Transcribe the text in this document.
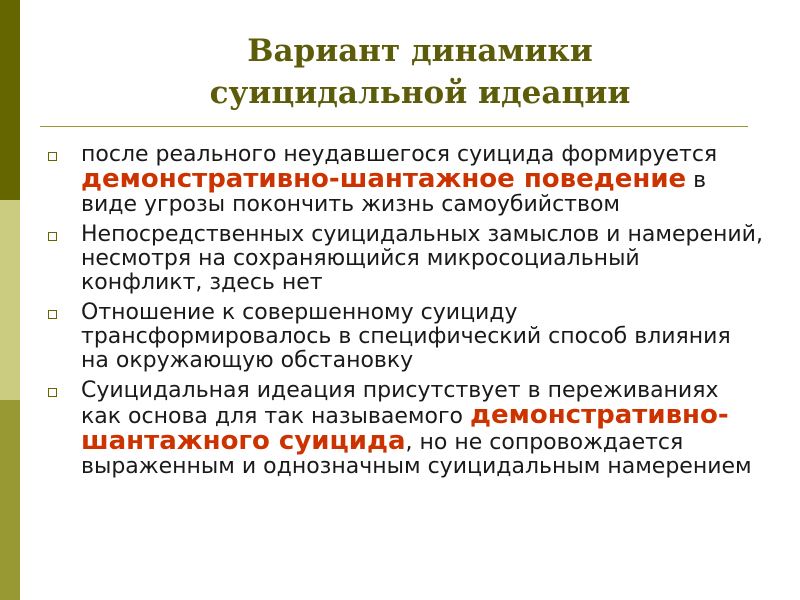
Вариант динамики
суицидальной идеации
после реального неудавшегося суицида формируется демонстративно-шантажное поведение в виде угрозы покончить жизнь самоубийством
Непосредственных суицидальных замыслов и намерений, несмотря на сохраняющийся микросоциальный конфликт, здесь нет
Отношение к совершенному суициду трансформировалось в специфический способ влияния на окружающую обстановку
Суицидальная идеация присутствует в переживаниях как основа для так называемого демонстративно-шантажного суицида, но не сопровождается выраженным и однозначным суицидальным намерением
